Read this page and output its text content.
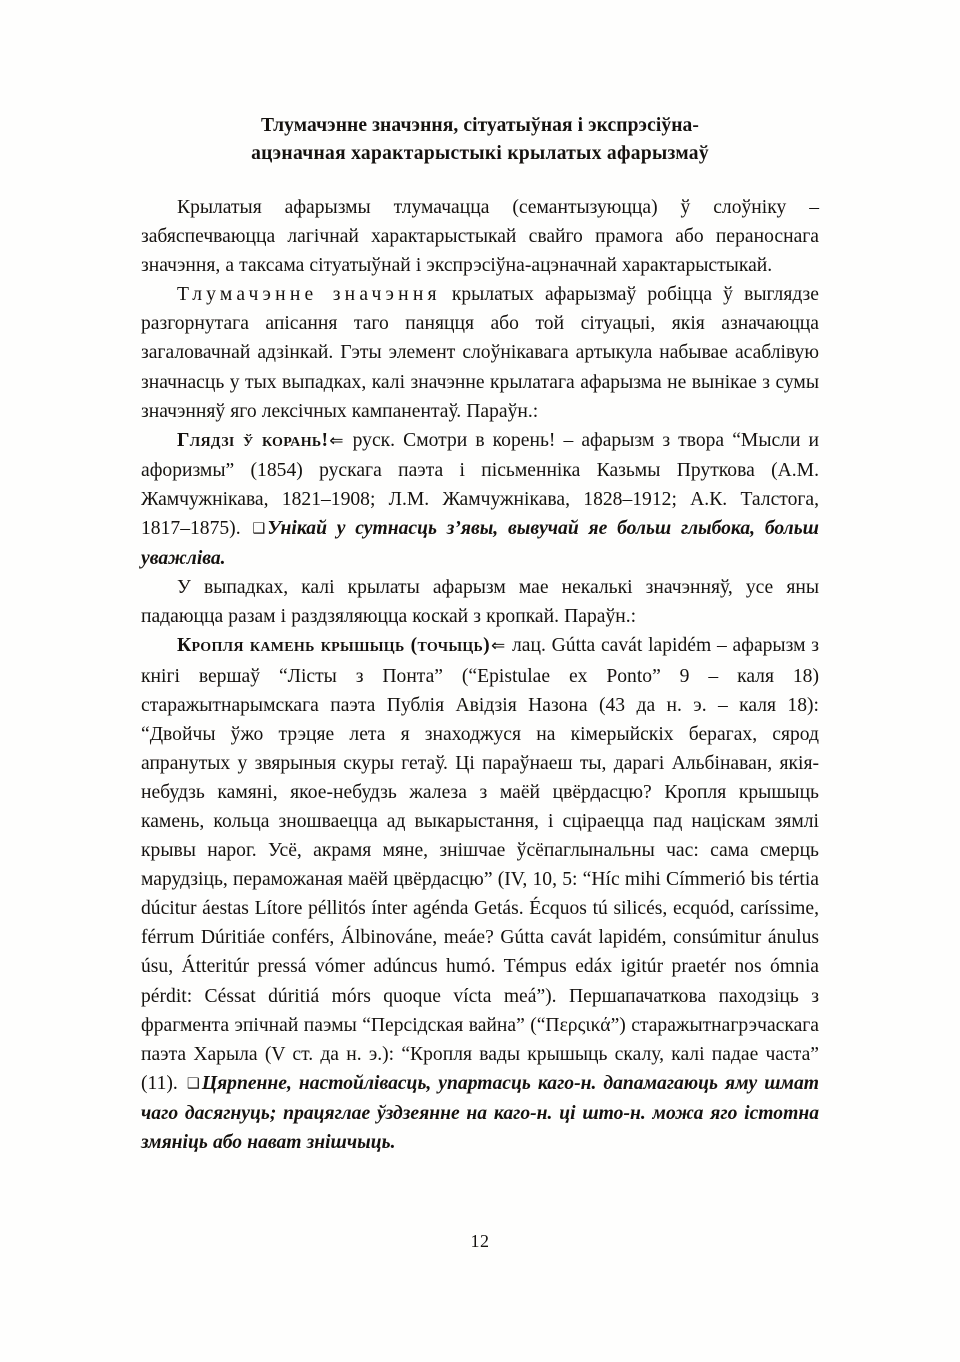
Тлумачэнне значэння, сітуатыўная і экспрэсіўна-
ацэначная характарыстыкі крылатых афарызмаў

Крылатыя афарызмы тлумачацца (семантызуюцца) ў слоўніку – забяспечваюцца лагічнай характарыстыкай свайго прамога або пераноснага значэння, а таксама сітуатыўнай і экспрэсіўна-ацэначнай характарыстыкай.

Тлумачэнне значэння крылатых афарызмаў робіцца ў выглядзе разгорнутага апісання таго паняцця або той сітуацыі, якія азначаюцца загаловачнай адзінкай. Гэты элемент слоўнікавага артыкула набывае асаблівую значнасць у тых выпадках, калі значэнне крылатага афарызма не вынікае з сумы значэнняў яго лексічных кампанентаў. Параўн.:

Глядзі ў корань!⇐ руск. Смотри в корень! – афарызм з твора “Мысли и афоризмы” (1854) рускага паэта і пісьменніка Казьмы Пруткова (А.М. Жамчужнікава, 1821–1908; Л.М. Жамчужнікава, 1828–1912; А.К. Талстога, 1817–1875). ❑ Унікай у сутнасць з’явы, вывучай яе больш глыбока, больш уважліва.

У выпадках, калі крылаты афарызм мае некалькі значэнняў, усе яны падаюцца разам і раздзяляюцца коскай з кропкай. Параўн.:

Кропля камень крышыць (точыць)⇐ лац. Gútta cavát lapidém – афарызм з кнігі вершаў “Лісты з Понта” (“Epistulae ex Ponto” 9 – каля 18) старажытнарымскага паэта Публія Авідзія Назона (43 да н. э. – каля 18): “Двойчы ўжо трэцяе лета я знаходжуся на кімерыйскіх берагах, сярод апранутых у звярыныя скуры гетаў. Ці параўнаеш ты, дарагі Альбінаван, якія-небудзь камяні, якое-небудзь жалеза з маёй цвёрдасцю? Кропля крышыць камень, кольца зношваецца ад выкарыстання, і сціраецца пад націскам зямлі крывы нарог. Усё, акрамя мяне, знішчае ўсёпаглынальны час: сама смерць марудзіць, пераможаная маёй цвёрдасцю” (IV, 10, 5: “Híc mihi Címmerió bis tértia dúcitur áestas Lítore péllitós ínter agénda Getás. Écquos tú silicés, ecquód, caríssime, férrum Dúritiáe conférs, Álbinováne, meáe? Gútta cavát lapidém, consúmitur ánulus úsu, Átteritúr pressá vómer adúncus humó. Témpus edáx igitúr praetér nos ómnia pérdit: Céssat dúritiá mórs quoque vícta meá”). Першапачаткова паходзіць з фрагмента эпічнай паэмы “Персідская вайна” (“Περςικά”) старажытнагрэчаскага паэта Харыла (V ст. да н. э.): “Кропля вады крышыць скалу, калі падае часта” (11). ❑ Цярпенне, настойлівасць, упартасць каго-н. дапамагаюць яму шмат чаго дасягнуць; працяглае ўздзеянне на каго-н. ці што-н. можа яго істотна змяніць або нават знішчыць.

12
